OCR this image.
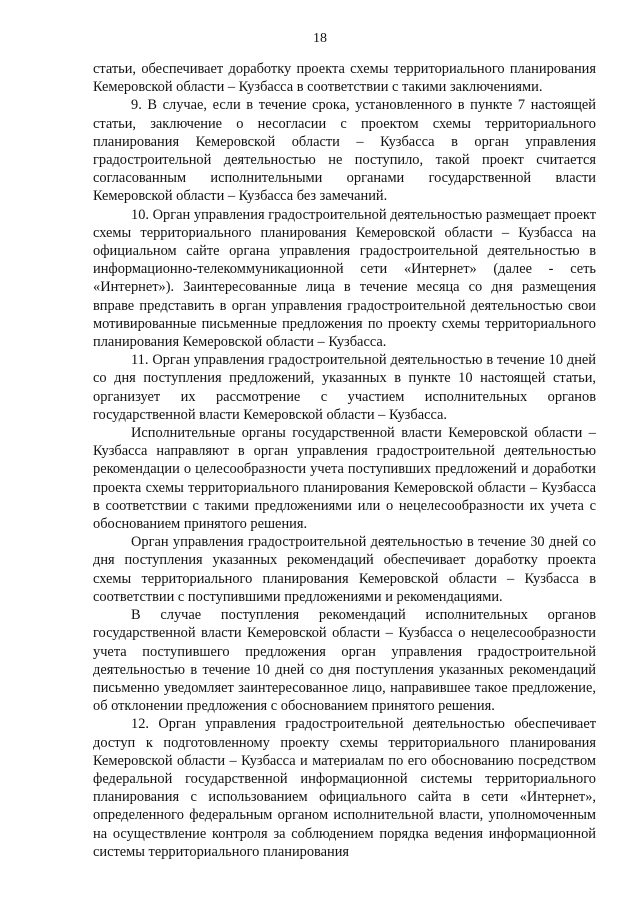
18

статьи, обеспечивает доработку проекта схемы территориального планирования Кемеровской области – Кузбасса в соответствии с такими заключениями.

9. В случае, если в течение срока, установленного в пункте 7 настоящей статьи, заключение о несогласии с проектом схемы территориального планирования Кемеровской области – Кузбасса в орган управления градостроительной деятельностью не поступило, такой проект считается согласованным исполнительными органами государственной власти Кемеровской области – Кузбасса без замечаний.

10. Орган управления градостроительной деятельностью размещает проект схемы территориального планирования Кемеровской области – Кузбасса на официальном сайте органа управления градостроительной деятельностью в информационно-телекоммуникационной сети «Интернет» (далее - сеть «Интернет»). Заинтересованные лица в течение месяца со дня размещения вправе представить в орган управления градостроительной деятельностью свои мотивированные письменные предложения по проекту схемы территориального планирования Кемеровской области – Кузбасса.

11. Орган управления градостроительной деятельностью в течение 10 дней со дня поступления предложений, указанных в пункте 10 настоящей статьи, организует их рассмотрение с участием исполнительных органов государственной власти Кемеровской области – Кузбасса.

Исполнительные органы государственной власти Кемеровской области – Кузбасса направляют в орган управления градостроительной деятельностью рекомендации о целесообразности учета поступивших предложений и доработки проекта схемы территориального планирования Кемеровской области – Кузбасса в соответствии с такими предложениями или о нецелесообразности их учета с обоснованием принятого решения.

Орган управления градостроительной деятельностью в течение 30 дней со дня поступления указанных рекомендаций обеспечивает доработку проекта схемы территориального планирования Кемеровской области – Кузбасса в соответствии с поступившими предложениями и рекомендациями.

В случае поступления рекомендаций исполнительных органов государственной власти Кемеровской области – Кузбасса о нецелесообразности учета поступившего предложения орган управления градостроительной деятельностью в течение 10 дней со дня поступления указанных рекомендаций письменно уведомляет заинтересованное лицо, направившее такое предложение, об отклонении предложения с обоснованием принятого решения.

12. Орган управления градостроительной деятельностью обеспечивает доступ к подготовленному проекту схемы территориального планирования Кемеровской области – Кузбасса и материалам по его обоснованию посредством федеральной государственной информационной системы территориального планирования с использованием официального сайта в сети «Интернет», определенного федеральным органом исполнительной власти, уполномоченным на осуществление контроля за соблюдением порядка ведения информационной системы территориального планирования
